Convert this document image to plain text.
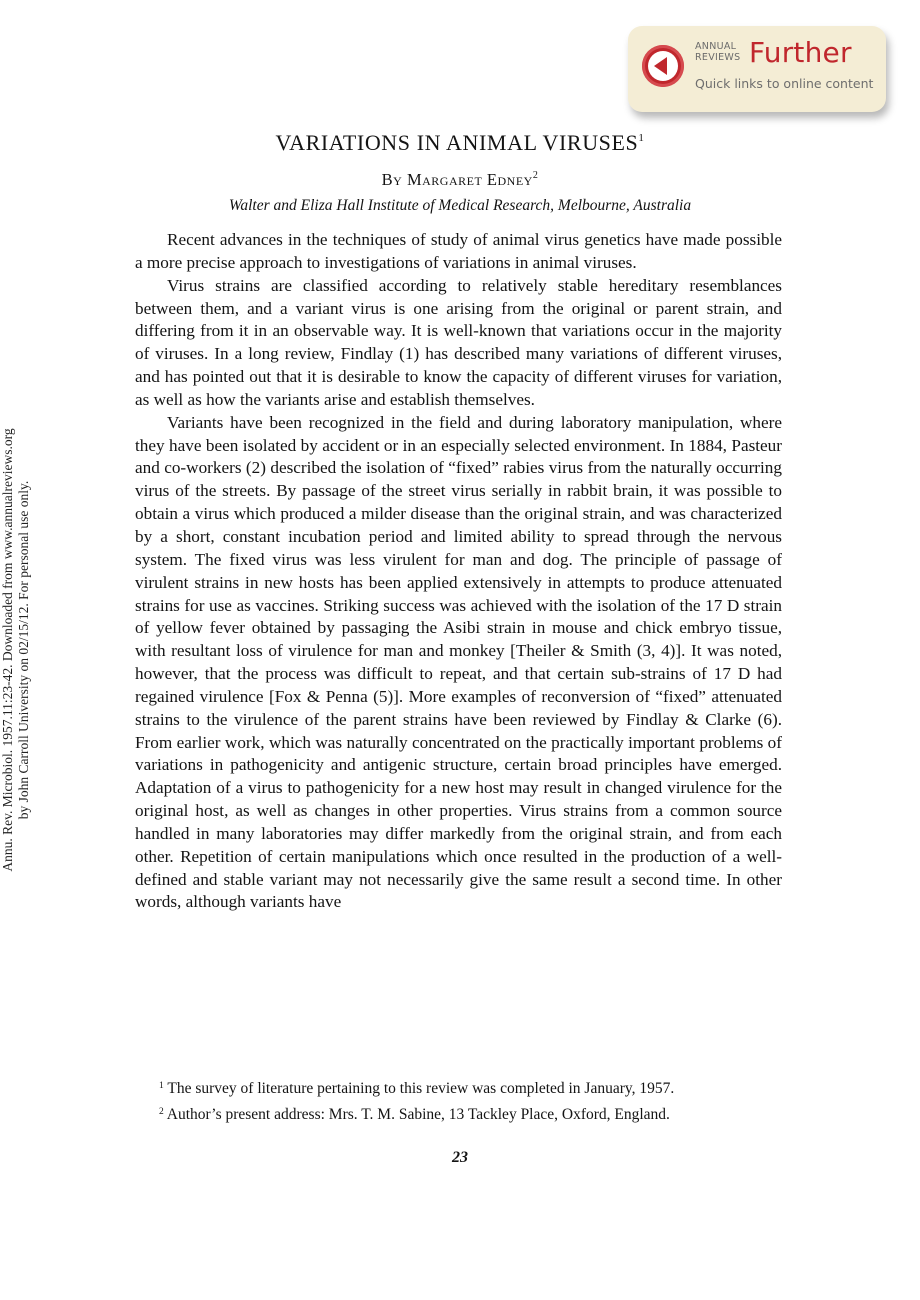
ANNUAL
REVIEWS Further
Quick links to online content
Annu. Rev. Microbiol. 1957.11:23-42. Downloaded from www.annualreviews.org by John Carroll University on 02/15/12. For personal use only.
VARIATIONS IN ANIMAL VIRUSES$^1$
By Margaret Edney$^2$
Walter and Eliza Hall Institute of Medical Research, Melbourne, Australia

Recent advances in the techniques of study of animal virus genetics have made possible a more precise approach to investigations of variations in animal viruses.

Virus strains are classified according to relatively stable hereditary resemblances between them, and a variant virus is one arising from the original or parent strain, and differing from it in an observable way. It is well-known that variations occur in the majority of viruses. In a long review, Findlay (1) has described many variations of different viruses, and has pointed out that it is desirable to know the capacity of different viruses for variation, as well as how the variants arise and establish themselves.

Variants have been recognized in the field and during laboratory manipulation, where they have been isolated by accident or in an especially selected environment. In 1884, Pasteur and co-workers (2) described the isolation of “fixed” rabies virus from the naturally occurring virus of the streets. By passage of the street virus serially in rabbit brain, it was possible to obtain a virus which produced a milder disease than the original strain, and was characterized by a short, constant incubation period and limited ability to spread through the nervous system. The fixed virus was less virulent for man and dog. The principle of passage of virulent strains in new hosts has been applied extensively in attempts to produce attenuated strains for use as vaccines. Striking success was achieved with the isolation of the 17 D strain of yellow fever obtained by passaging the Asibi strain in mouse and chick embryo tissue, with resultant loss of virulence for man and monkey [Theiler & Smith (3, 4)]. It was noted, however, that the process was difficult to repeat, and that certain sub-strains of 17 D had regained virulence [Fox & Penna (5)]. More examples of reconversion of “fixed” attenuated strains to the virulence of the parent strains have been reviewed by Findlay & Clarke (6). From earlier work, which was naturally concentrated on the practically important problems of variations in pathogenicity and antigenic structure, certain broad principles have emerged. Adaptation of a virus to pathogenicity for a new host may result in changed virulence for the original host, as well as changes in other properties. Virus strains from a common source handled in many laboratories may differ markedly from the original strain, and from each other. Repetition of certain manipulations which once resulted in the production of a well-defined and stable variant may not necessarily give the same result a second time. In other words, although variants have

$^1$ The survey of literature pertaining to this review was completed in January, 1957.

$^2$ Author’s present address: Mrs. T. M. Sabine, 13 Tackley Place, Oxford, England.

23
